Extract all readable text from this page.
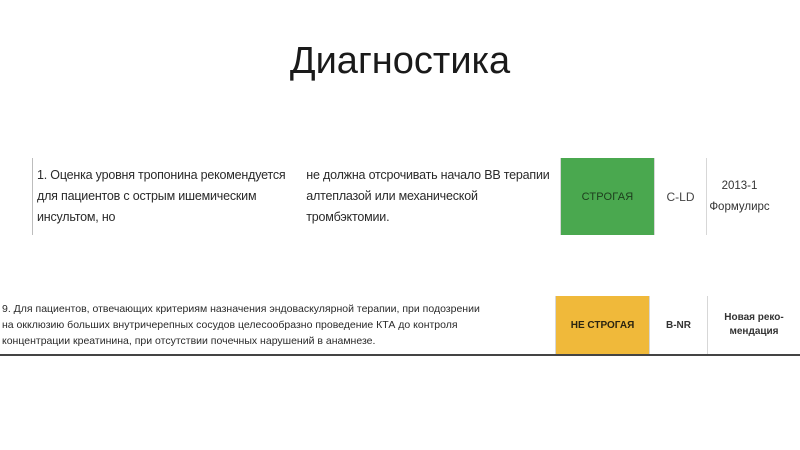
Диагностика
1. Оценка уровня тропонина рекомендуется для пациентов с острым ишемическим инсультом, но
не должна отсрочивать начало ВВ терапии алтеплазой или механической тромбэктомии.
СТРОГАЯ	C-LD
2013-1
Формулирс
9. Для пациентов, отвечающих критериям назначения эндоваскулярной терапии, при подозрении
на окклюзию больших внутричерепных сосудов целесообразно проведение КТА до контроля
концентрации креатинина, при отсутствии почечных нарушений в анамнезе.
НЕ СТРОГАЯ	B-NR
Новая реко-
мендация
